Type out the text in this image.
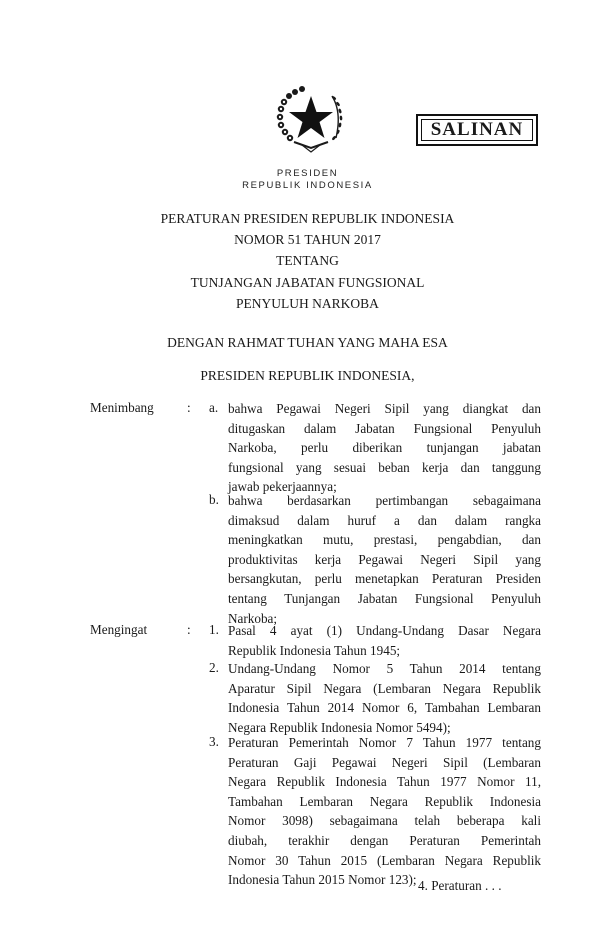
SALINAN
PRESIDEN
REPUBLIK INDONESIA
PERATURAN PRESIDEN REPUBLIK INDONESIA
NOMOR 51 TAHUN 2017
TENTANG
TUNJANGAN JABATAN FUNGSIONAL
PENYULUH NARKOBA
DENGAN RAHMAT TUHAN YANG MAHA ESA
PRESIDEN REPUBLIK INDONESIA,
Menimbang	: a. bahwa Pegawai Negeri Sipil yang diangkat dan
ditugaskan dalam Jabatan Fungsional Penyuluh
Narkoba, perlu diberikan tunjangan jabatan
fungsional yang sesuai beban kerja dan tanggung
jawab pekerjaannya;
b. bahwa berdasarkan pertimbangan sebagaimana
dimaksud dalam huruf a dan dalam rangka
meningkatkan mutu, prestasi, pengabdian, dan
produktivitas kerja Pegawai Negeri Sipil yang
bersangkutan, perlu menetapkan Peraturan Presiden
tentang Tunjangan Jabatan Fungsional Penyuluh
Narkoba;
Mengingat	: 1. Pasal 4 ayat (1) Undang-Undang Dasar Negara
Republik Indonesia Tahun 1945;
2. Undang-Undang Nomor 5 Tahun 2014 tentang
Aparatur Sipil Negara (Lembaran Negara Republik
Indonesia Tahun 2014 Nomor 6, Tambahan Lembaran
Negara Republik Indonesia Nomor 5494);
3. Peraturan Pemerintah Nomor 7 Tahun 1977 tentang
Peraturan Gaji Pegawai Negeri Sipil (Lembaran
Negara Republik Indonesia Tahun 1977 Nomor 11,
Tambahan Lembaran Negara Republik Indonesia
Nomor 3098) sebagaimana telah beberapa kali
diubah, terakhir dengan Peraturan Pemerintah
Nomor 30 Tahun 2015 (Lembaran Negara Republik
Indonesia Tahun 2015 Nomor 123); 4. Peraturan . . .
